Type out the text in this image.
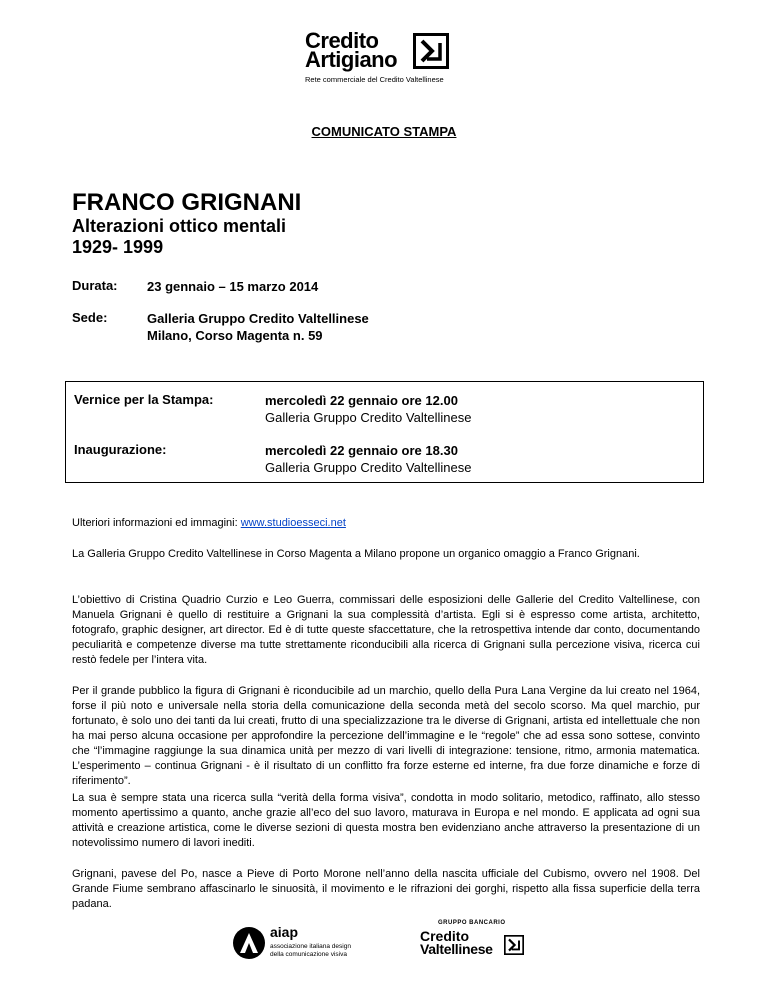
Credito
Artigiano
Rete commerciale del Credito Valtellinese
COMUNICATO STAMPA
FRANCO GRIGNANI
Alterazioni ottico mentali
1929- 1999
Durata: 23 gennaio – 15 marzo 2014
Sede:	Galleria Gruppo Credito Valtellinese
Milano, Corso Magenta n. 59
Vernice per la Stampa:	mercoledì 22 gennaio ore 12.00
Galleria Gruppo Credito Valtellinese
Inaugurazione:	mercoledì 22 gennaio ore 18.30
Galleria Gruppo Credito Valtellinese
Ulteriori informazioni ed immagini: www.studioesseci.net
La Galleria Gruppo Credito Valtellinese in Corso Magenta a Milano propone un organico omaggio a Franco Grignani.
L’obiettivo di Cristina Quadrio Curzio e Leo Guerra, commissari delle esposizioni delle Gallerie del Credito Valtellinese, con Manuela Grignani è quello di restituire a Grignani la sua complessità d’artista. Egli si è espresso come artista, architetto, fotografo, graphic designer, art director. Ed è di tutte queste sfaccettature, che la retrospettiva intende dar conto, documentando peculiarità e competenze diverse ma tutte strettamente riconducibili alla ricerca di Grignani sulla percezione visiva, ricerca cui restò fedele per l’intera vita.
Per il grande pubblico la figura di Grignani è riconducibile ad un marchio, quello della Pura Lana Vergine da lui creato nel 1964, forse il più noto e universale nella storia della comunicazione della seconda metà del secolo scorso. Ma quel marchio, pur fortunato, è solo uno dei tanti da lui creati, frutto di una specializzazione tra le diverse di Grignani, artista ed intellettuale che non ha mai perso alcuna occasione per approfondire la percezione dell’immagine e le “regole” che ad essa sono sottese, convinto che “l’immagine raggiunge la sua dinamica unità per mezzo di vari livelli di integrazione: tensione, ritmo, armonia matematica. L’esperimento – continua Grignani - è il risultato di un conflitto fra forze esterne ed interne, fra due forze dinamiche e forze di riferimento”.
La sua è sempre stata una ricerca sulla “verità della forma visiva”, condotta in modo solitario, metodico, raffinato, allo stesso momento apertissimo a quanto, anche grazie all’eco del suo lavoro, maturava in Europa e nel mondo. E applicata ad ogni sua attività e creazione artistica, come le diverse sezioni di questa mostra ben evidenziano anche attraverso la presentazione di un notevolissimo numero di lavori inediti.
Grignani, pavese del Po, nasce a Pieve di Porto Morone nell’anno della nascita ufficiale del Cubismo, ovvero nel 1908. Del Grande Fiume sembrano affascinarlo le sinuosità, il movimento e le rifrazioni dei gorghi, rispetto alla fissa superficie della terra padana.
aiap
associazione italiana design
della comunicazione visiva
GRUPPO BANCARIO
Credito
Valtellinese
